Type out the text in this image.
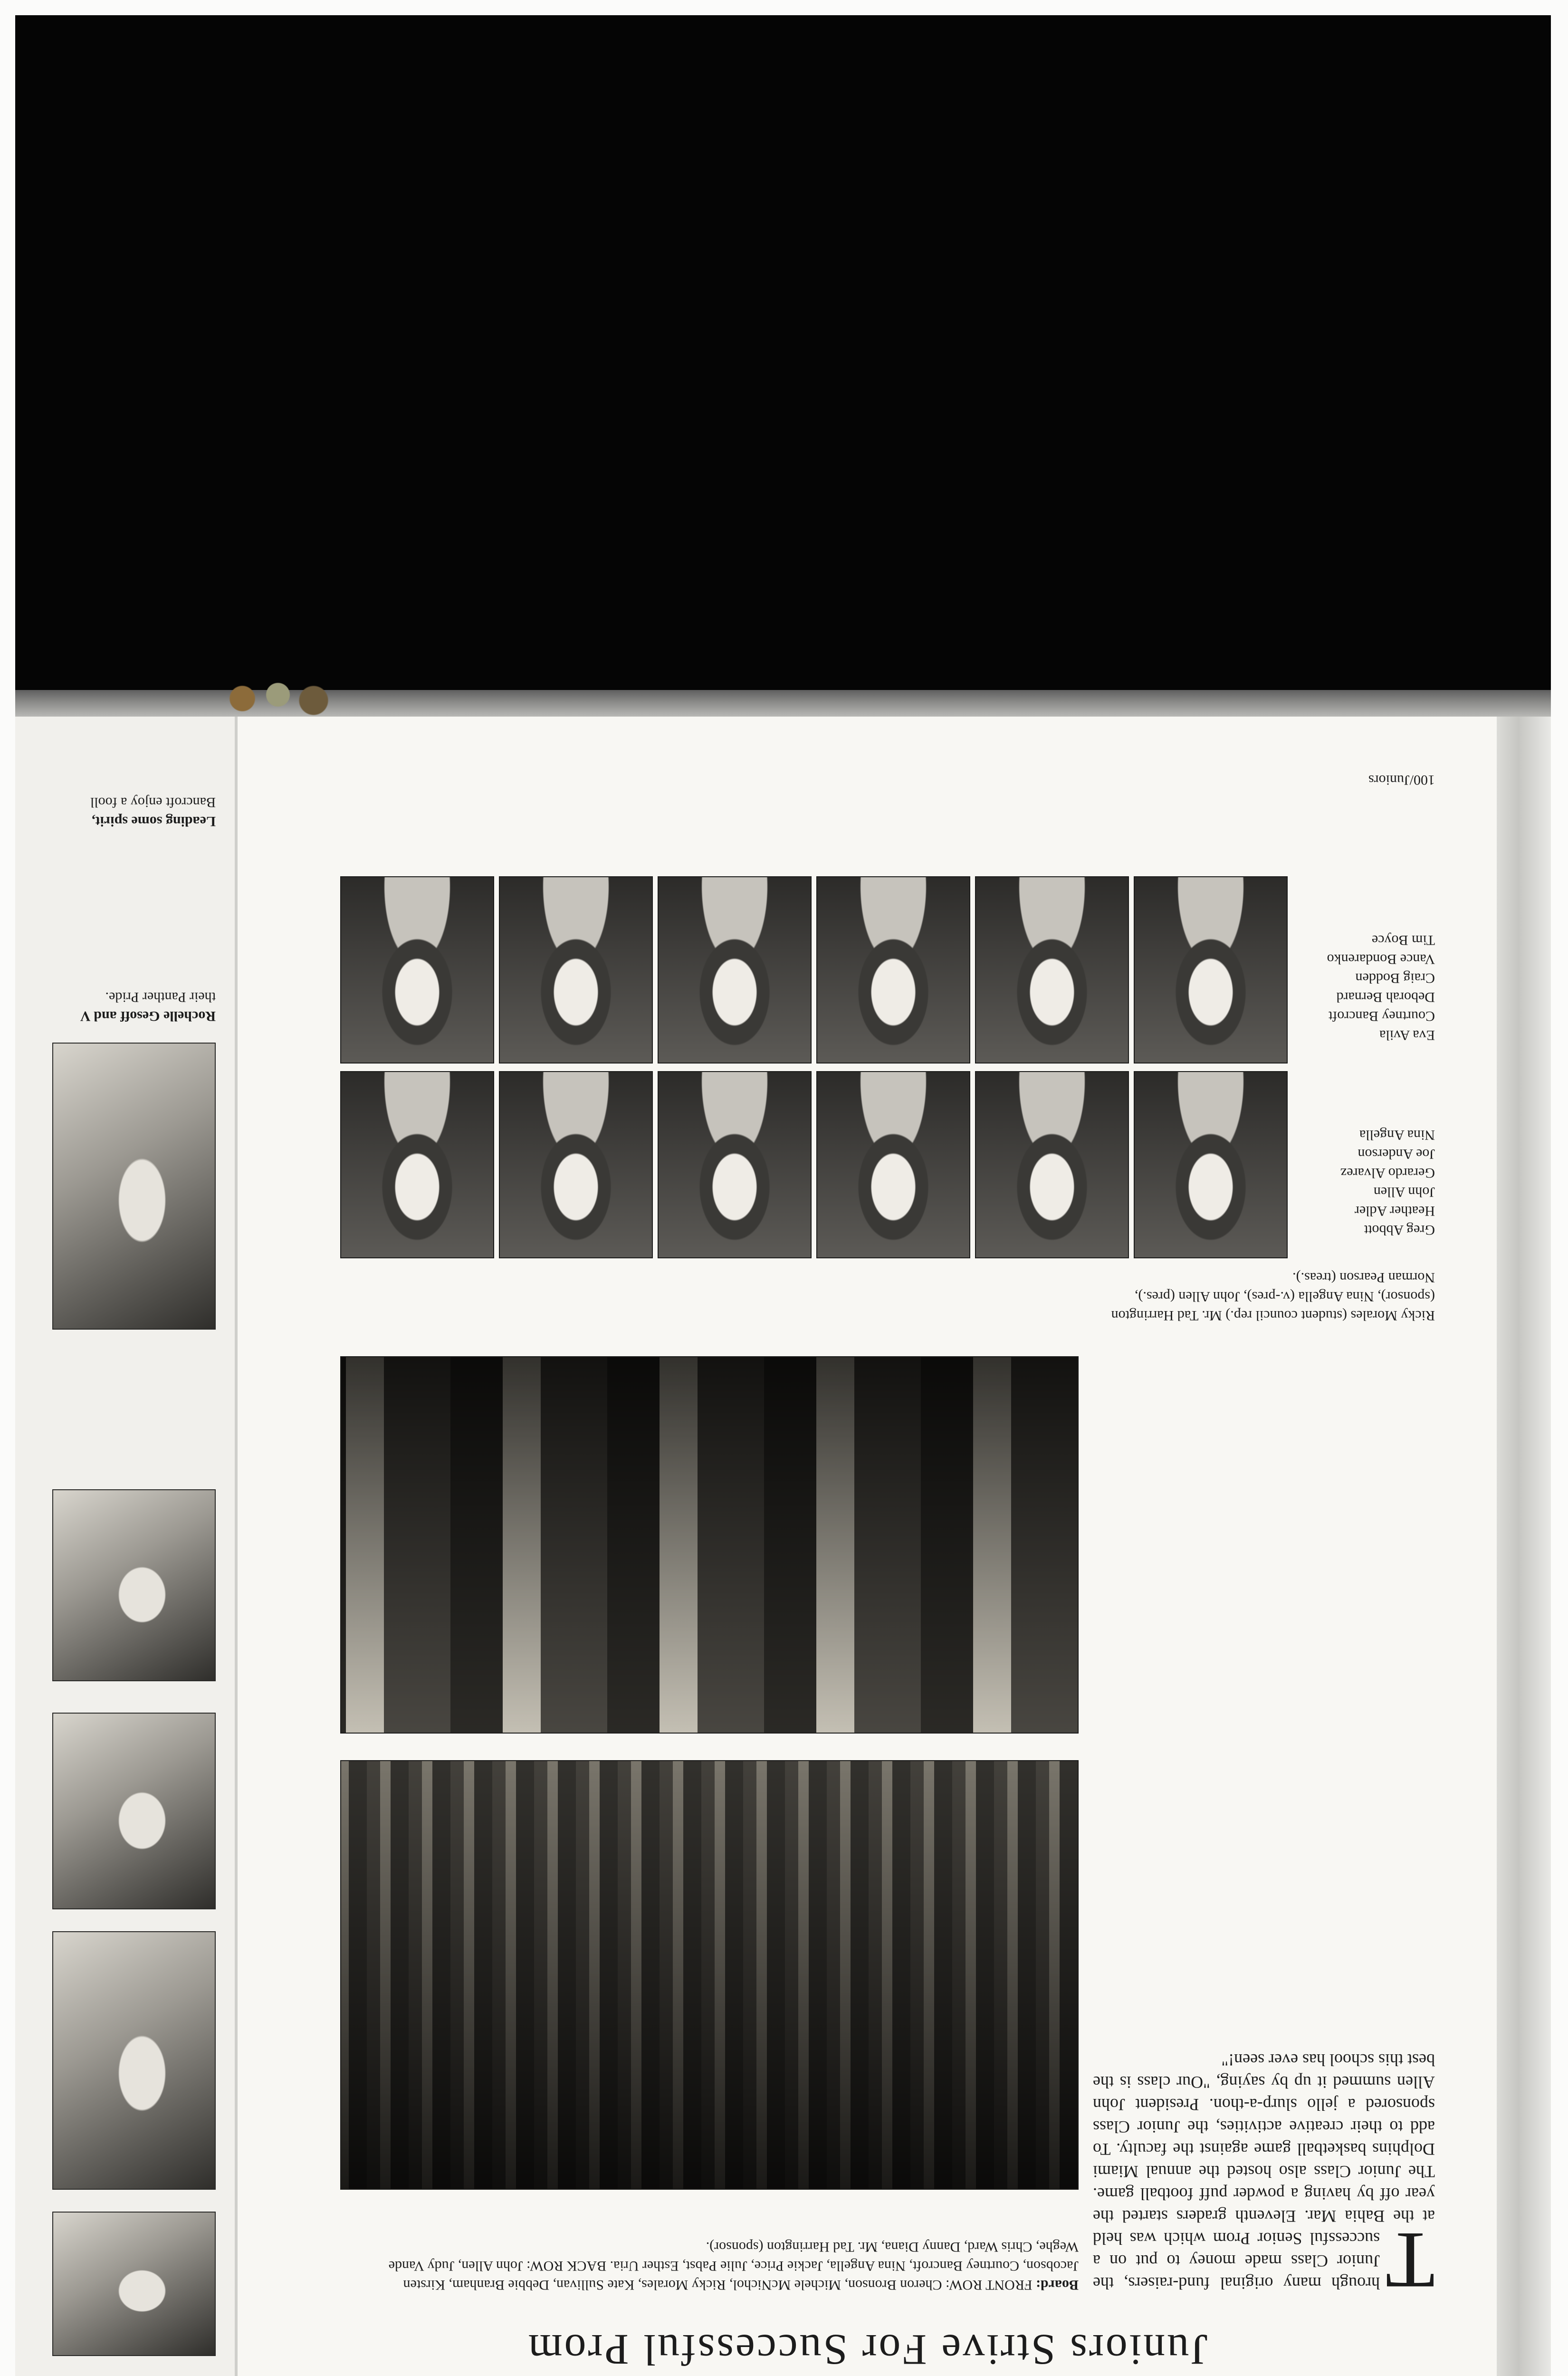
Leading some spirit,
Bancroft enjoy a fooll

Rochelle Gesoff and V
their Panther Pride.

Juniors Strive For Successful Prom

T
hrough many original fund-raisers, the Junior Class made money to put on a successful Senior Prom which was held at the Bahia Mar. Eleventh graders started the year off by having a powder puff football game. The Junior Class also hosted the annual Miami Dolphins basketball game against the faculty. To add to their creative activities, the Junior Class sponsored a jello slurp-a-thon. President John Allen summed it up by saying, "Our class is the best this school has ever seen!"

Board: FRONT ROW: Cheron Bronson, Michele McNichol, Ricky Morales, Kate Sullivan, Debbie Branham, Kirsten Jacobson, Courtney Bancroft, Nina Angella, Jackie Price, Julie Pabst, Esther Uria. BACK ROW: John Allen, Judy Vande Weghe, Chris Ward, Danny Diana, Mr. Tad Harrington (sponsor).

Ricky Morales (student council rep.) Mr. Tad Harrington (sponsor), Nina Angella (v.-pres), John Allen (pres.), Norman Pearson (treas.).

Greg Abbott
Heather Adler
John Allen
Gerardo Alvarez
Joe Anderson
Nina Angella
Eva Avila
Courtney Bancroft
Deborah Bernard
Craig Bodden
Vance Bondarenko
Tim Boyce

100/Juniors
